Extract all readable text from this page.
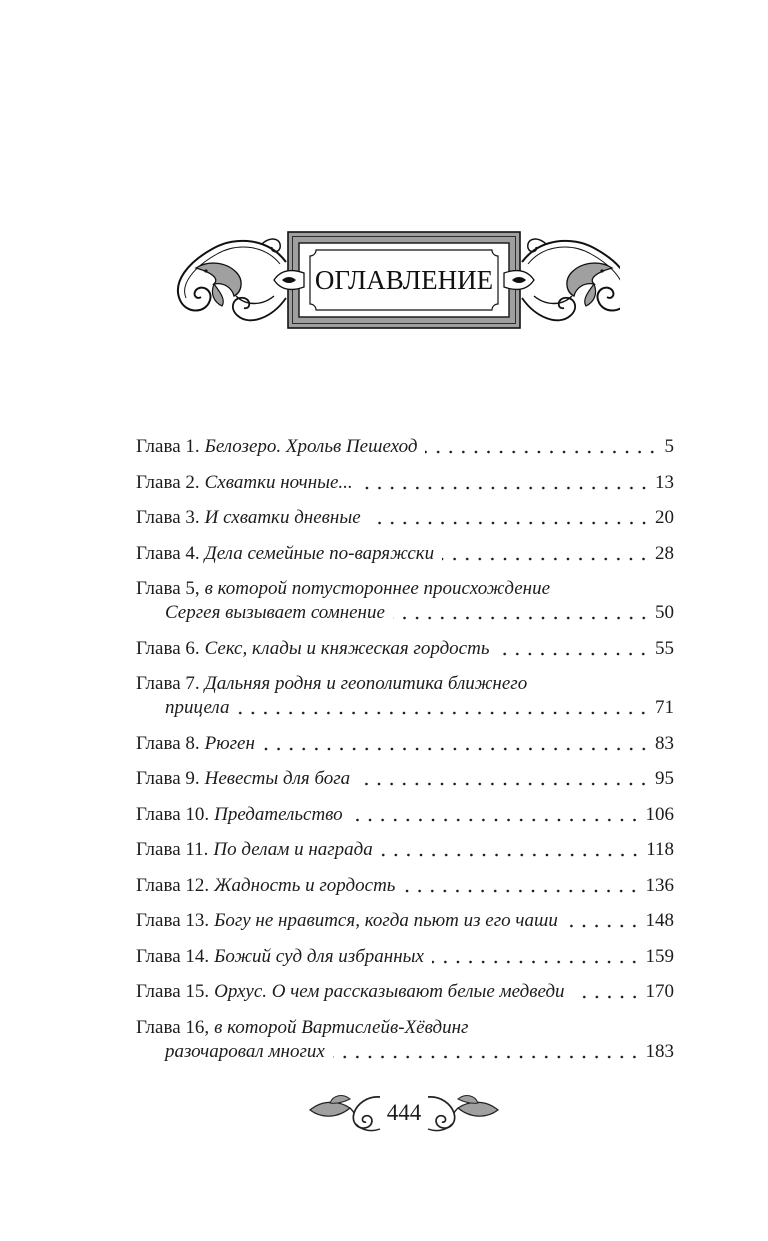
ОГЛАВЛЕНИЕ
Глава 1. Белозеро. Хрольв Пешеход	5
Глава 2. Схватки ночные...	13
Глава 3. И схватки дневные	20
Глава 4. Дела семейные по-варяжски	28
Глава 5, в которой потустороннее происхождение
Сергея вызывает сомнение	50
Глава 6. Секс, клады и княжеская гордость	55
Глава 7. Дальняя родня и геополитика ближнего
прицела	71
Глава 8. Рюген	83
Глава 9. Невесты для бога	95
Глава 10. Предательство	106
Глава 11. По делам и награда	118
Глава 12. Жадность и гордость	136
Глава 13. Богу не нравится, когда пьют из его чаши	148
Глава 14. Божий суд для избранных	159
Глава 15. Орхус. О чем рассказывают белые медведи	170
Глава 16, в которой Вартислейв-Хёвдинг
разочаровал многих	183
444
